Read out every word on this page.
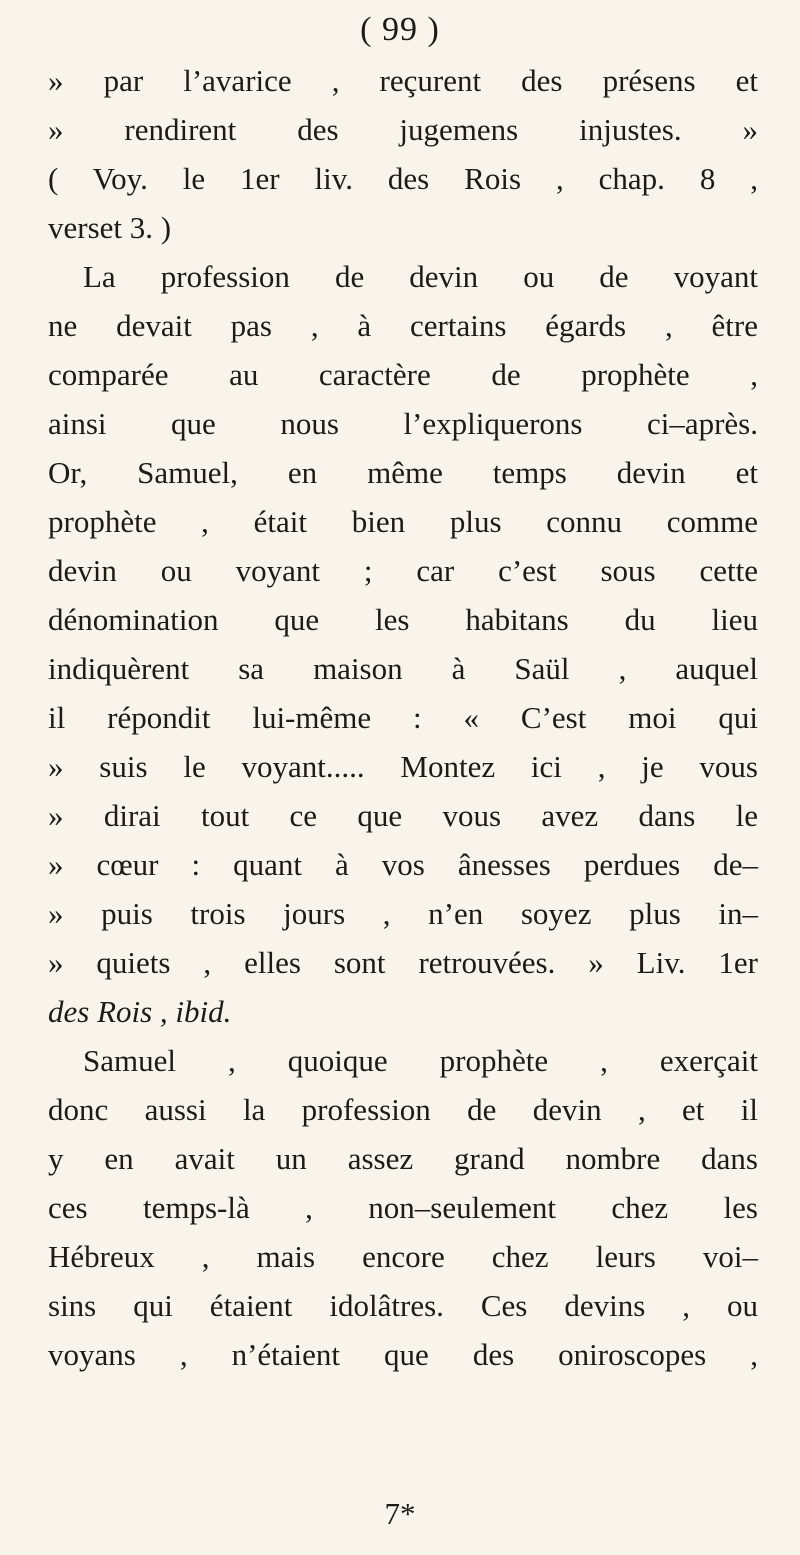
( 99 )
» par l’avarice , reçurent des présens et
» rendirent des jugemens injustes. »
( Voy. le 1er liv. des Rois , chap. 8 ,
verset 3. )
La profession de devin ou de voyant
ne devait pas , à certains égards , être
comparée au caractère de prophète ,
ainsi que nous l’expliquerons ci–après.
Or, Samuel, en même temps devin et
prophète , était bien plus connu comme
devin ou voyant ; car c’est sous cette
dénomination que les habitans du lieu
indiquèrent sa maison à Saül , auquel
il répondit lui-même : « C’est moi qui
» suis le voyant..... Montez ici , je vous
» dirai tout ce que vous avez dans le
» cœur : quant à vos ânesses perdues de–
» puis trois jours , n’en soyez plus in–
» quiets , elles sont retrouvées. » Liv. 1er
des Rois , ibid.
Samuel , quoique prophète , exerçait
donc aussi la profession de devin , et il
y en avait un assez grand nombre dans
ces temps-là , non–seulement chez les
Hébreux , mais encore chez leurs voi–
sins qui étaient idolâtres. Ces devins , ou
voyans , n’étaient que des oniroscopes ,
7*
